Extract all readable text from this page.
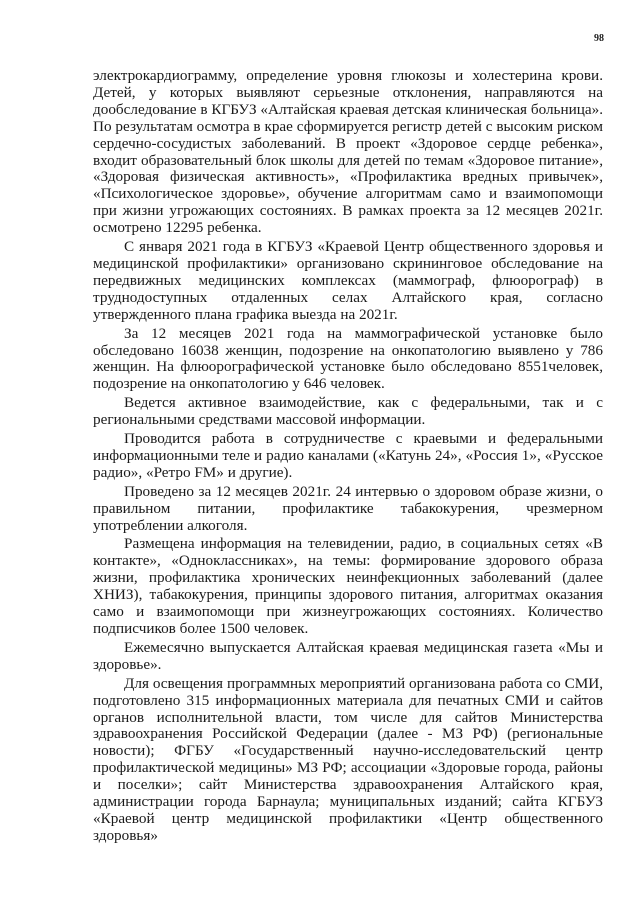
98

электрокардиограмму, определение уровня глюкозы и холестерина крови. Детей, у которых выявляют серьезные отклонения, направляются на дообследование в КГБУЗ «Алтайская краевая детская клиническая больница». По результатам осмотра в крае сформируется регистр детей с высоким риском сердечно-сосудистых заболеваний. В проект «Здоровое сердце ребенка», входит образовательный блок школы для детей по темам «Здоровое питание», «Здоровая физическая активность», «Профилактика вредных привычек», «Психологическое здоровье», обучение алгоритмам само и взаимопомощи при жизни угрожающих состояниях. В рамках проекта за 12 месяцев 2021г. осмотрено 12295 ребенка.

С января 2021 года в КГБУЗ «Краевой Центр общественного здоровья и медицинской профилактики» организовано скрининговое обследование на передвижных медицинских комплексах (маммограф, флюорограф) в труднодоступных отдаленных селах Алтайского края, согласно утвержденного плана графика выезда на 2021г.

За 12 месяцев 2021 года на маммографической установке было обследовано 16038 женщин, подозрение на онкопатологию выявлено у 786 женщин. На флюорографической установке было обследовано 8551человек, подозрение на онкопатологию у 646 человек.

Ведется активное взаимодействие, как с федеральными, так и с региональными средствами массовой информации.

Проводится работа в сотрудничестве с краевыми и федеральными информационными теле и радио каналами («Катунь 24», «Россия 1», «Русское радио», «Ретро FM» и другие).

Проведено за 12 месяцев 2021г. 24 интервью о здоровом образе жизни, о правильном питании, профилактике табакокурения, чрезмерном употреблении алкоголя.

Размещена информация на телевидении, радио, в социальных сетях «В контакте», «Одноклассниках», на темы: формирование здорового образа жизни, профилактика хронических неинфекционных заболеваний (далее ХНИЗ), табакокурения, принципы здорового питания, алгоритмах оказания само и взаимопомощи при жизнеугрожающих состояниях. Количество подписчиков более 1500 человек.

Ежемесячно выпускается Алтайская краевая медицинская газета «Мы и здоровье».

Для освещения программных мероприятий организована работа со СМИ, подготовлено 315 информационных материала для печатных СМИ и сайтов органов исполнительной власти, том числе для сайтов Министерства здравоохранения Российской Федерации (далее - МЗ РФ) (региональные новости); ФГБУ «Государственный научно-исследовательский центр профилактической медицины» МЗ РФ; ассоциации «Здоровые города, районы и поселки»; сайт Министерства здравоохранения Алтайского края, администрации города Барнаула; муниципальных изданий; сайта КГБУЗ «Краевой центр медицинской профилактики «Центр общественного здоровья»
